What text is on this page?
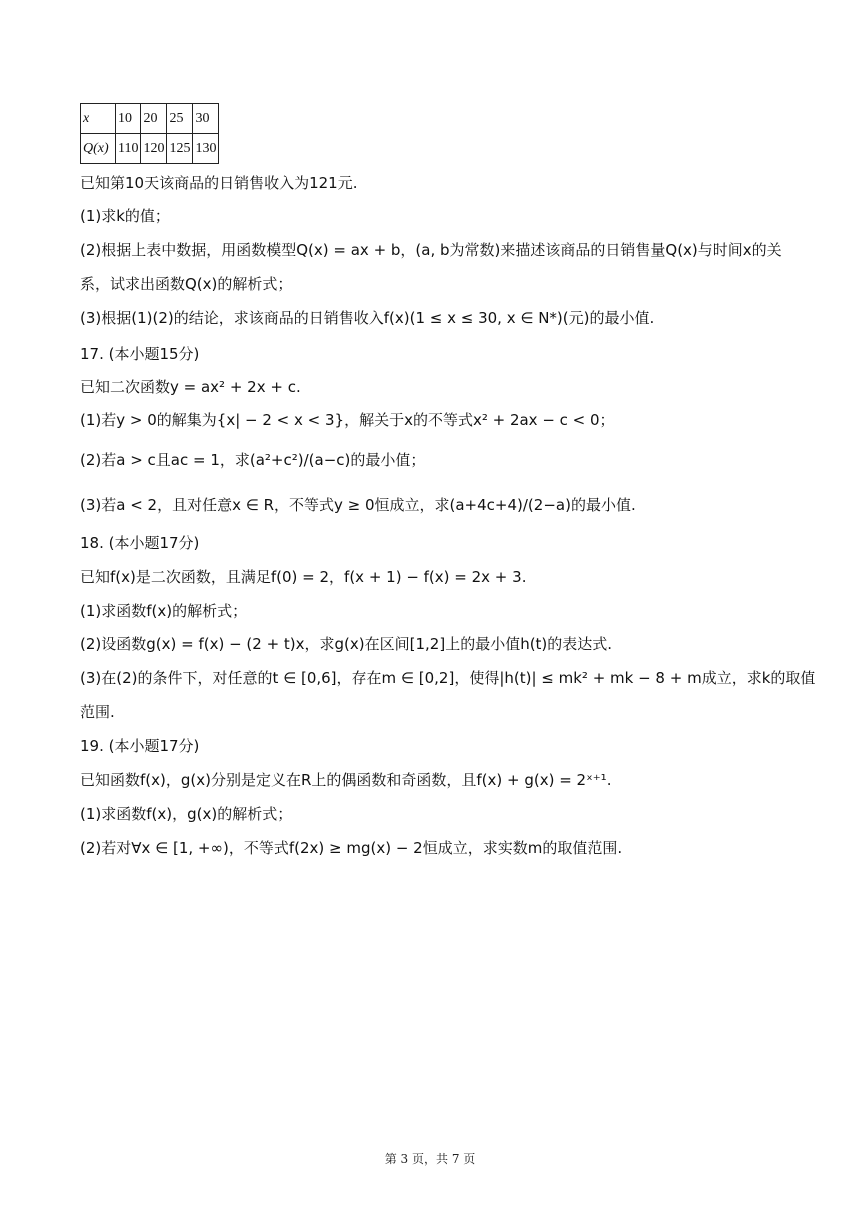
x	10	20	25	30
Q(x)	110	120	125	130
已知第10天该商品的日销售收入为121元.
(1)求k的值；
(2)根据上表中数据，用函数模型Q(x) = ax + b，(a, b为常数)来描述该商品的日销售量Q(x)与时间x的关
系，试求出函数Q(x)的解析式；
(3)根据(1)(2)的结论，求该商品的日销售收入f(x)(1 ≤ x ≤ 30, x ∈ N*)(元)的最小值.
17. (本小题15分)
已知二次函数y = ax² + 2x + c.
(1)若y > 0的解集为{x| − 2 < x < 3}，解关于x的不等式x² + 2ax − c < 0；
(2)若a > c且ac = 1，求(a²+c²)/(a−c)的最小值；
(3)若a < 2，且对任意x ∈ R，不等式y ≥ 0恒成立，求(a+4c+4)/(2−a)的最小值.
18. (本小题17分)
已知f(x)是二次函数，且满足f(0) = 2，f(x + 1) − f(x) = 2x + 3.
(1)求函数f(x)的解析式；
(2)设函数g(x) = f(x) − (2 + t)x，求g(x)在区间[1,2]上的最小值h(t)的表达式.
(3)在(2)的条件下，对任意的t ∈ [0,6]，存在m ∈ [0,2]，使得|h(t)| ≤ mk² + mk − 8 + m成立，求k的取值
范围.
19. (本小题17分)
已知函数f(x)，g(x)分别是定义在R上的偶函数和奇函数，且f(x) + g(x) = 2ˣ⁺¹.
(1)求函数f(x)，g(x)的解析式；
(2)若对∀x ∈ [1, +∞)，不等式f(2x) ≥ mg(x) − 2恒成立，求实数m的取值范围.
第 3 页，共 7 页
